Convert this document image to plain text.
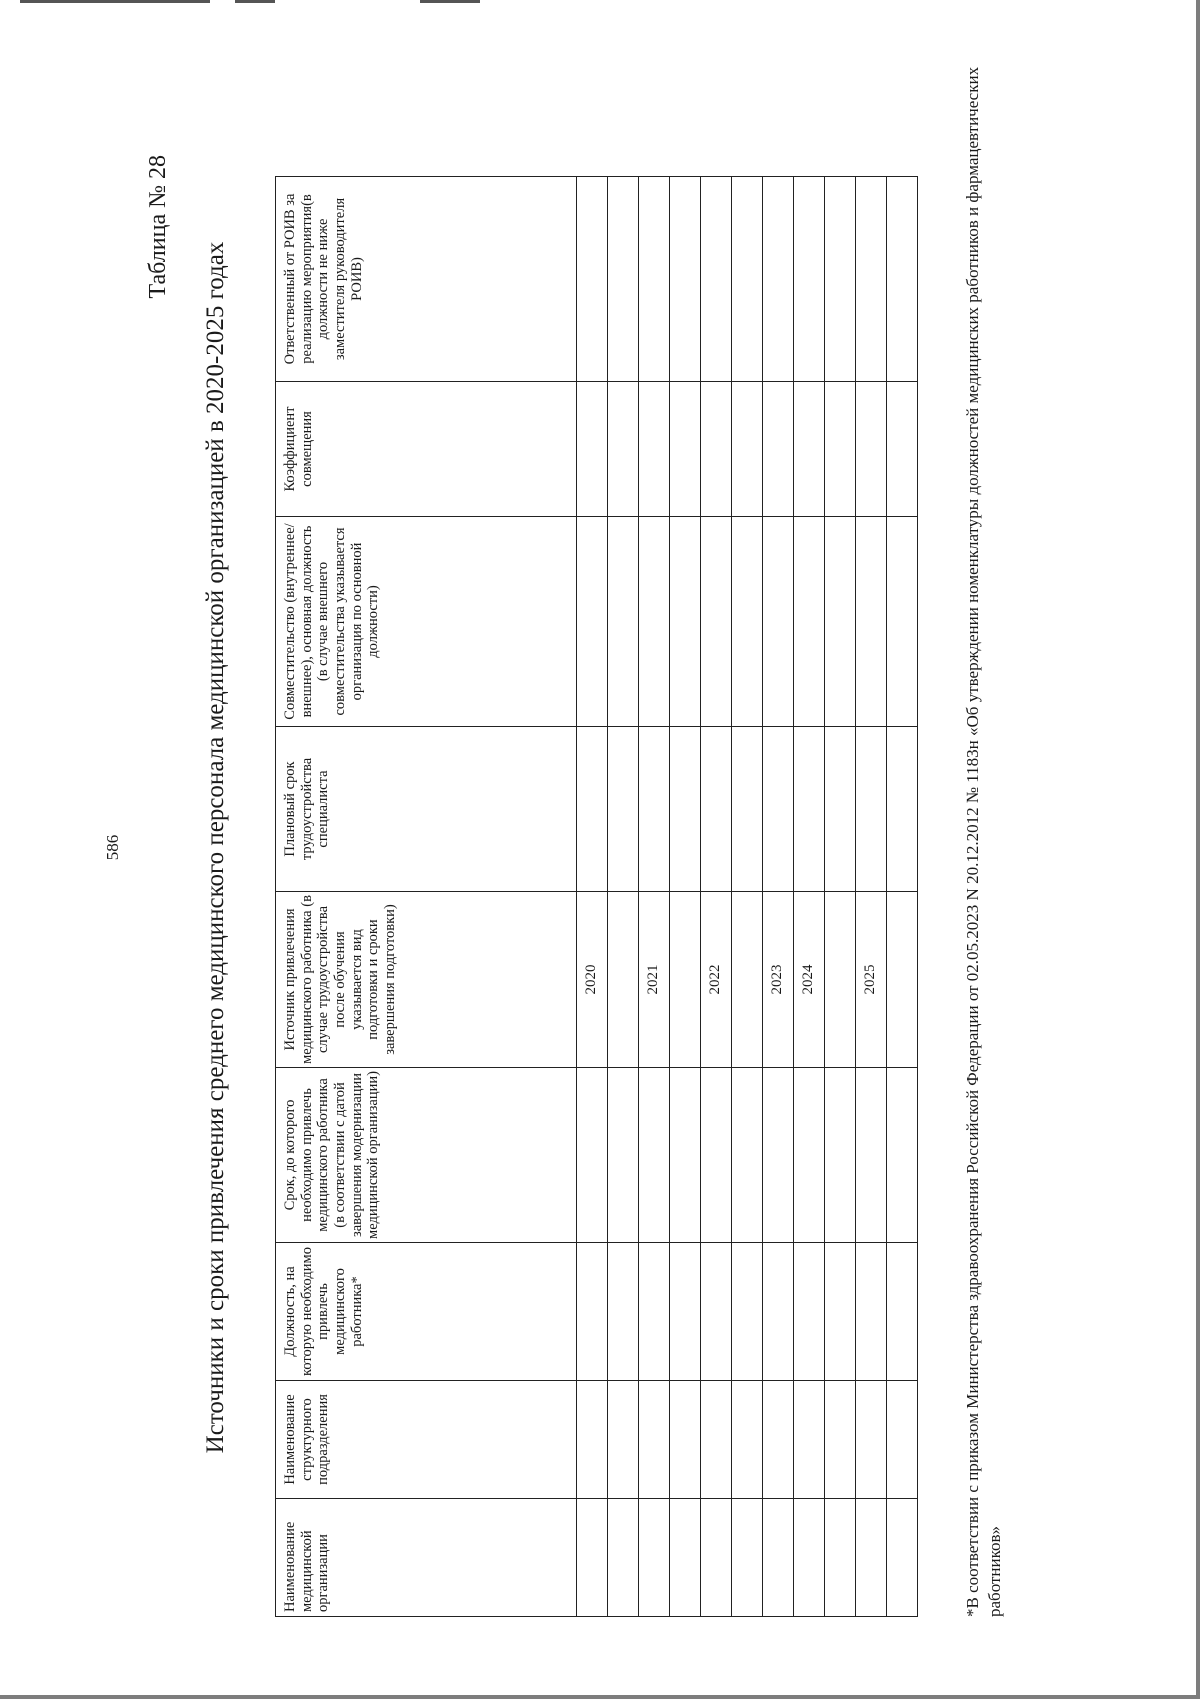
586
Таблица № 28
Источники и сроки привлечения среднего медицинского персонала медицинской организацией в 2020-2025 годах
Наименование медицинской организации	Наименование структурного подразделения	Должность, на которую необходимо привлечь медицинского работника*	Срок, до которого необходимо привлечь медицинского работника (в соответствии с датой завершения модернизации медицинской организации)	Источник привлечения медицинского работника (в случае трудоустройства после обучения указывается вид подготовки и сроки завершения подготовки)	Плановый срок трудоустройства специалиста	Совместительство (внутреннее/внешнее), основная должность (в случае внешнего совместительства указывается организация по основной должности)	Коэффициент совмещения	Ответственный от РОИВ за реализацию мероприятия(в должности не ниже заместителя руководителя РОИВ)
				2020				

				2021				

				2022				

				2023				
				2024				

				2025				
									*В соответствии с приказом Министерства здравоохранения Российской Федерации от 02.05.2023 N 20.12.2012 № 1183н «Об утверждении номенклатуры должностей медицинских работников и фармацевтических работников»
